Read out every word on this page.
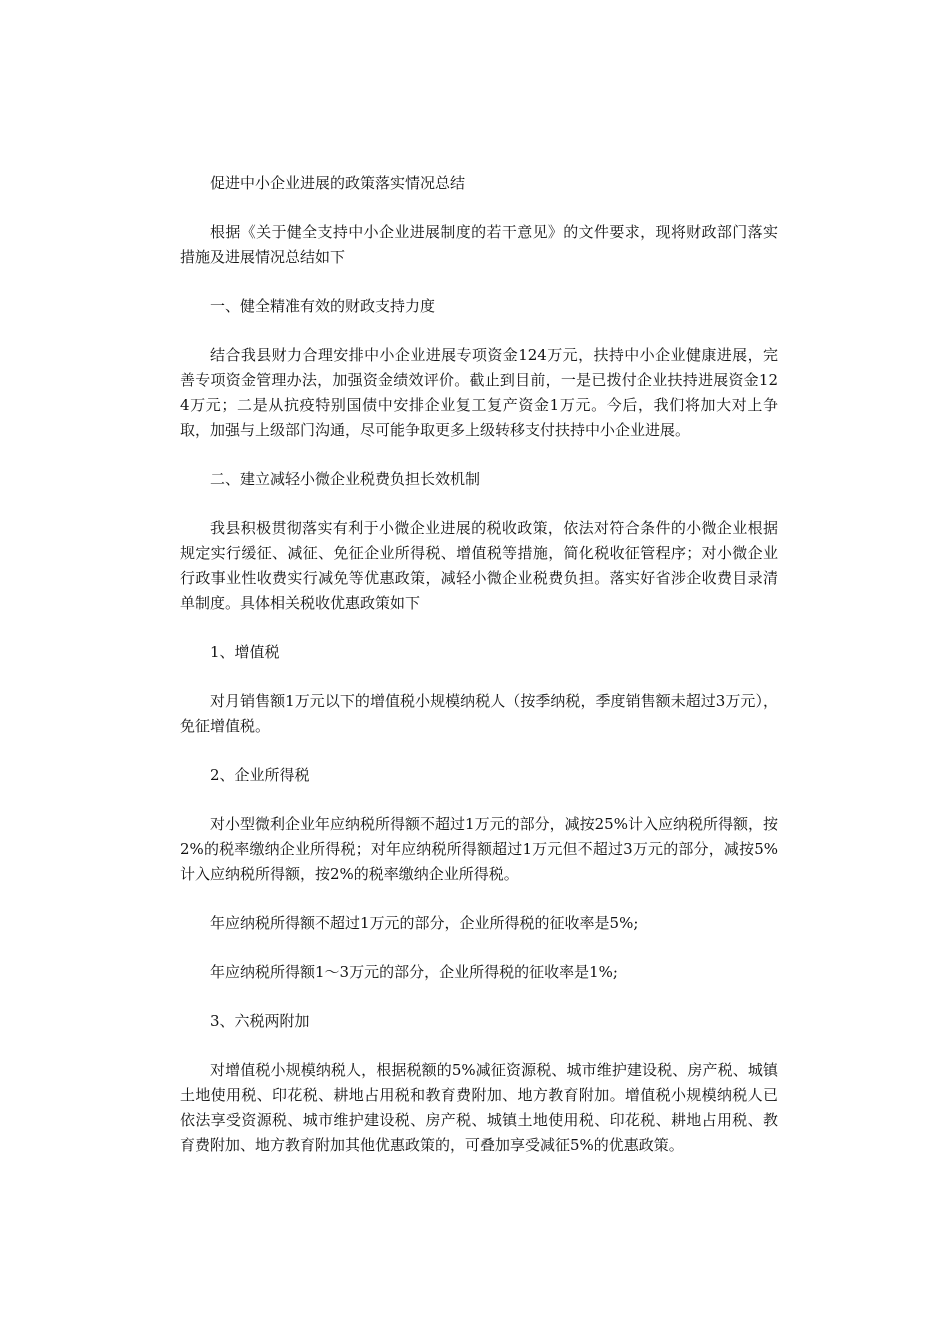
促进中小企业进展的政策落实情况总结

根据《关于健全支持中小企业进展制度的若干意见》的文件要求，现将财政部门落实措施及进展情况总结如下

一、健全精准有效的财政支持力度

结合我县财力合理安排中小企业进展专项资金124万元，扶持中小企业健康进展，完善专项资金管理办法，加强资金绩效评价。截止到目前，一是已拨付企业扶持进展资金124万元；二是从抗疫特别国债中安排企业复工复产资金1万元。今后，我们将加大对上争取，加强与上级部门沟通，尽可能争取更多上级转移支付扶持中小企业进展。

二、建立减轻小微企业税费负担长效机制

我县积极贯彻落实有利于小微企业进展的税收政策，依法对符合条件的小微企业根据规定实行缓征、减征、免征企业所得税、增值税等措施，简化税收征管程序；对小微企业行政事业性收费实行减免等优惠政策，减轻小微企业税费负担。落实好省涉企收费目录清单制度。具体相关税收优惠政策如下

1、增值税

对月销售额1万元以下的增值税小规模纳税人（按季纳税，季度销售额未超过3万元），免征增值税。

2、企业所得税

对小型微利企业年应纳税所得额不超过1万元的部分，减按25%计入应纳税所得额，按2%的税率缴纳企业所得税；对年应纳税所得额超过1万元但不超过3万元的部分，减按5%计入应纳税所得额，按2%的税率缴纳企业所得税。

年应纳税所得额不超过1万元的部分，企业所得税的征收率是5%;

年应纳税所得额1～3万元的部分，企业所得税的征收率是1%;

3、六税两附加

对增值税小规模纳税人，根据税额的5%减征资源税、城市维护建设税、房产税、城镇土地使用税、印花税、耕地占用税和教育费附加、地方教育附加。增值税小规模纳税人已依法享受资源税、城市维护建设税、房产税、城镇土地使用税、印花税、耕地占用税、教育费附加、地方教育附加其他优惠政策的，可叠加享受减征5%的优惠政策。
